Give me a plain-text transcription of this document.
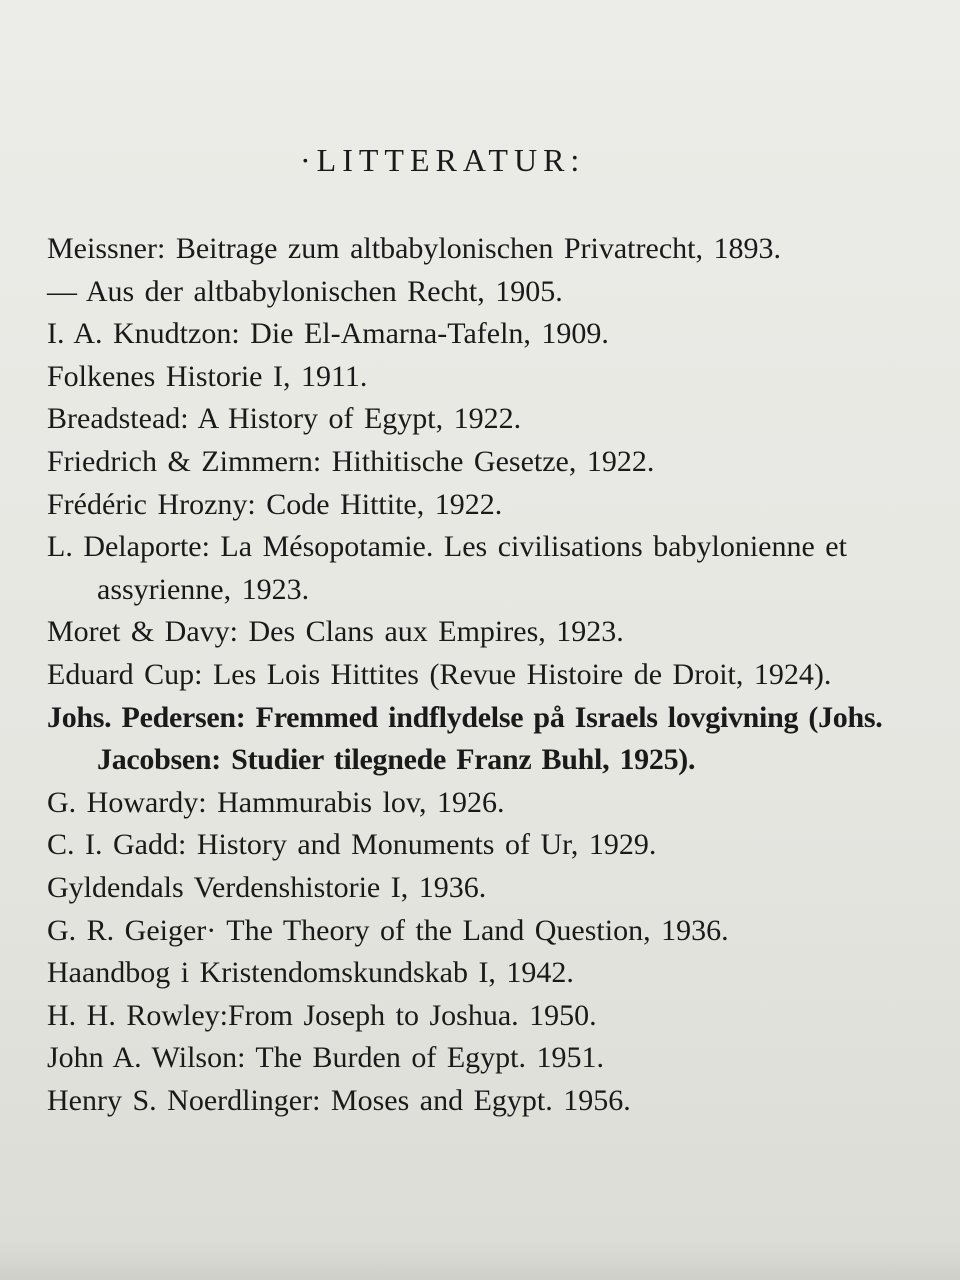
·LITTERATUR:
Meissner: Beitrage zum altbabylonischen Privatrecht, 1893.
— Aus der altbabylonischen Recht, 1905.
I. A. Knudtzon: Die El-Amarna-Tafeln, 1909.
Folkenes Historie I, 1911.
Breadstead: A History of Egypt, 1922.
Friedrich & Zimmern: Hithitische Gesetze, 1922.
Frédéric Hrozny: Code Hittite, 1922.
L. Delaporte: La Mésopotamie. Les civilisations babylonienne et assyrienne, 1923.
Moret & Davy: Des Clans aux Empires, 1923.
Eduard Cup: Les Lois Hittites (Revue Histoire de Droit, 1924).
Johs. Pedersen: Fremmed indflydelse på Israels lovgivning (Johs. Jacobsen: Studier tilegnede Franz Buhl, 1925).
G. Howardy: Hammurabis lov, 1926.
C. I. Gadd: History and Monuments of Ur, 1929.
Gyldendals Verdenshistorie I, 1936.
G. R. Geiger· The Theory of the Land Question, 1936.
Haandbog i Kristendomskundskab I, 1942.
H. H. Rowley:From Joseph to Joshua. 1950.
John A. Wilson: The Burden of Egypt. 1951.
Henry S. Noerdlinger: Moses and Egypt. 1956.
